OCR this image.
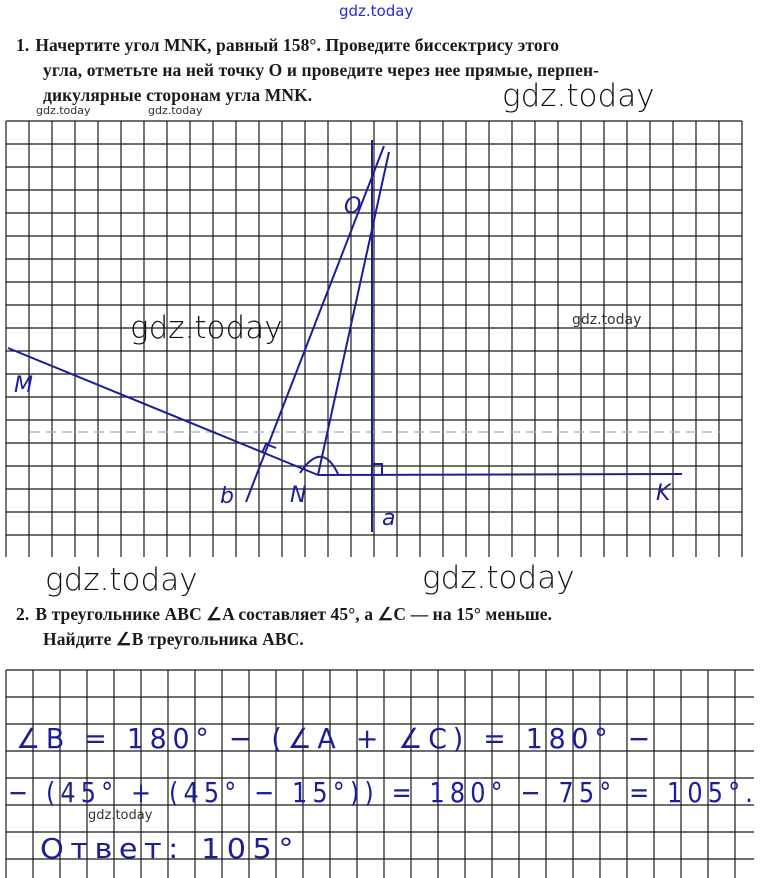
M
N	K
O
a
b
∠B = 180° − (∠A + ∠C) = 180° −
− (45° + (45° − 15°)) = 180° − 75° = 105°.
Ответ: 105°
gdz.today
gdz.today
gdz.today
gdz.today	gdz.today
gdz.today	gdz.today
gdz.today
gdz.today
1. Начертите угол MNK, равный 158°. Проведите биссектрису этого
угла, отметьте на ней точку O и проведите через нее прямые, перпен-
дикулярные сторонам угла MNK.
2. В треугольнике ABC ∠A составляет 45°, а ∠C — на 15° меньше.
Найдите ∠B треугольника ABC.
